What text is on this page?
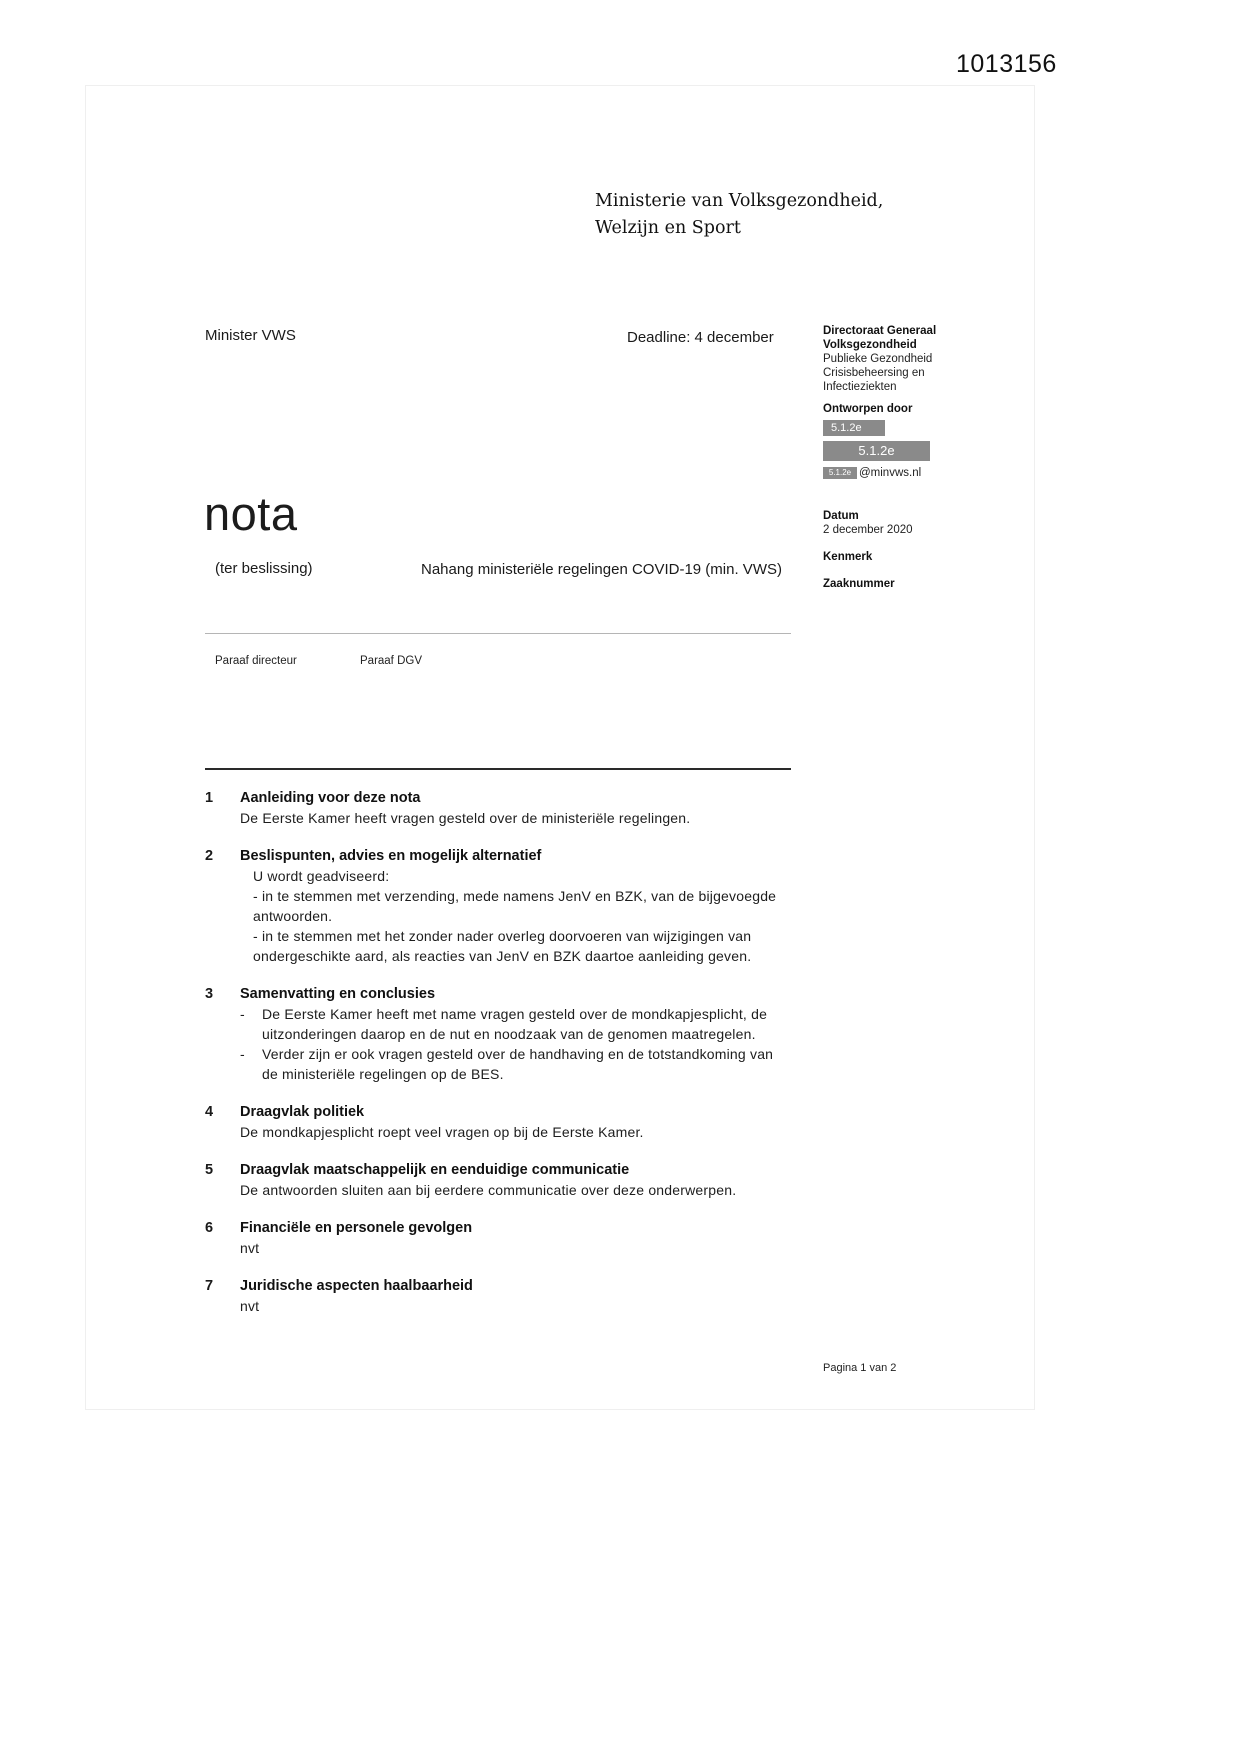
1013156
Ministerie van Volksgezondheid,
Welzijn en Sport
Minister VWS	Deadline: 4 december	Directoraat Generaal
Volksgezondheid
Publieke Gezondheid
Crisisbeheersing en
Infectieziekten
Ontworpen door
5.1.2e
5.1.2e
5.1.2e @minvws.nl
Datum
2 december 2020
Kenmerk
Zaaknummer
nota
(ter beslissing)	Nahang ministeriële regelingen COVID-19 (min. VWS)
Paraaf directeur	Paraaf DGV
1	Aanleiding voor deze nota
De Eerste Kamer heeft vragen gesteld over de ministeriële regelingen.
2	Beslispunten, advies en mogelijk alternatief
U wordt geadviseerd:
- in te stemmen met verzending, mede namens JenV en BZK, van de bijgevoegde antwoorden.
- in te stemmen met het zonder nader overleg doorvoeren van wijzigingen van ondergeschikte aard, als reacties van JenV en BZK daartoe aanleiding geven.
3	Samenvatting en conclusies
-	De Eerste Kamer heeft met name vragen gesteld over de mondkapjesplicht, de uitzonderingen daarop en de nut en noodzaak van de genomen maatregelen.
-	Verder zijn er ook vragen gesteld over de handhaving en de totstandkoming van de ministeriële regelingen op de BES.
4	Draagvlak politiek
De mondkapjesplicht roept veel vragen op bij de Eerste Kamer.
5	Draagvlak maatschappelijk en eenduidige communicatie
De antwoorden sluiten aan bij eerdere communicatie over deze onderwerpen.
6	Financiële en personele gevolgen
nvt
7	Juridische aspecten haalbaarheid
nvt
Pagina 1 van 2
